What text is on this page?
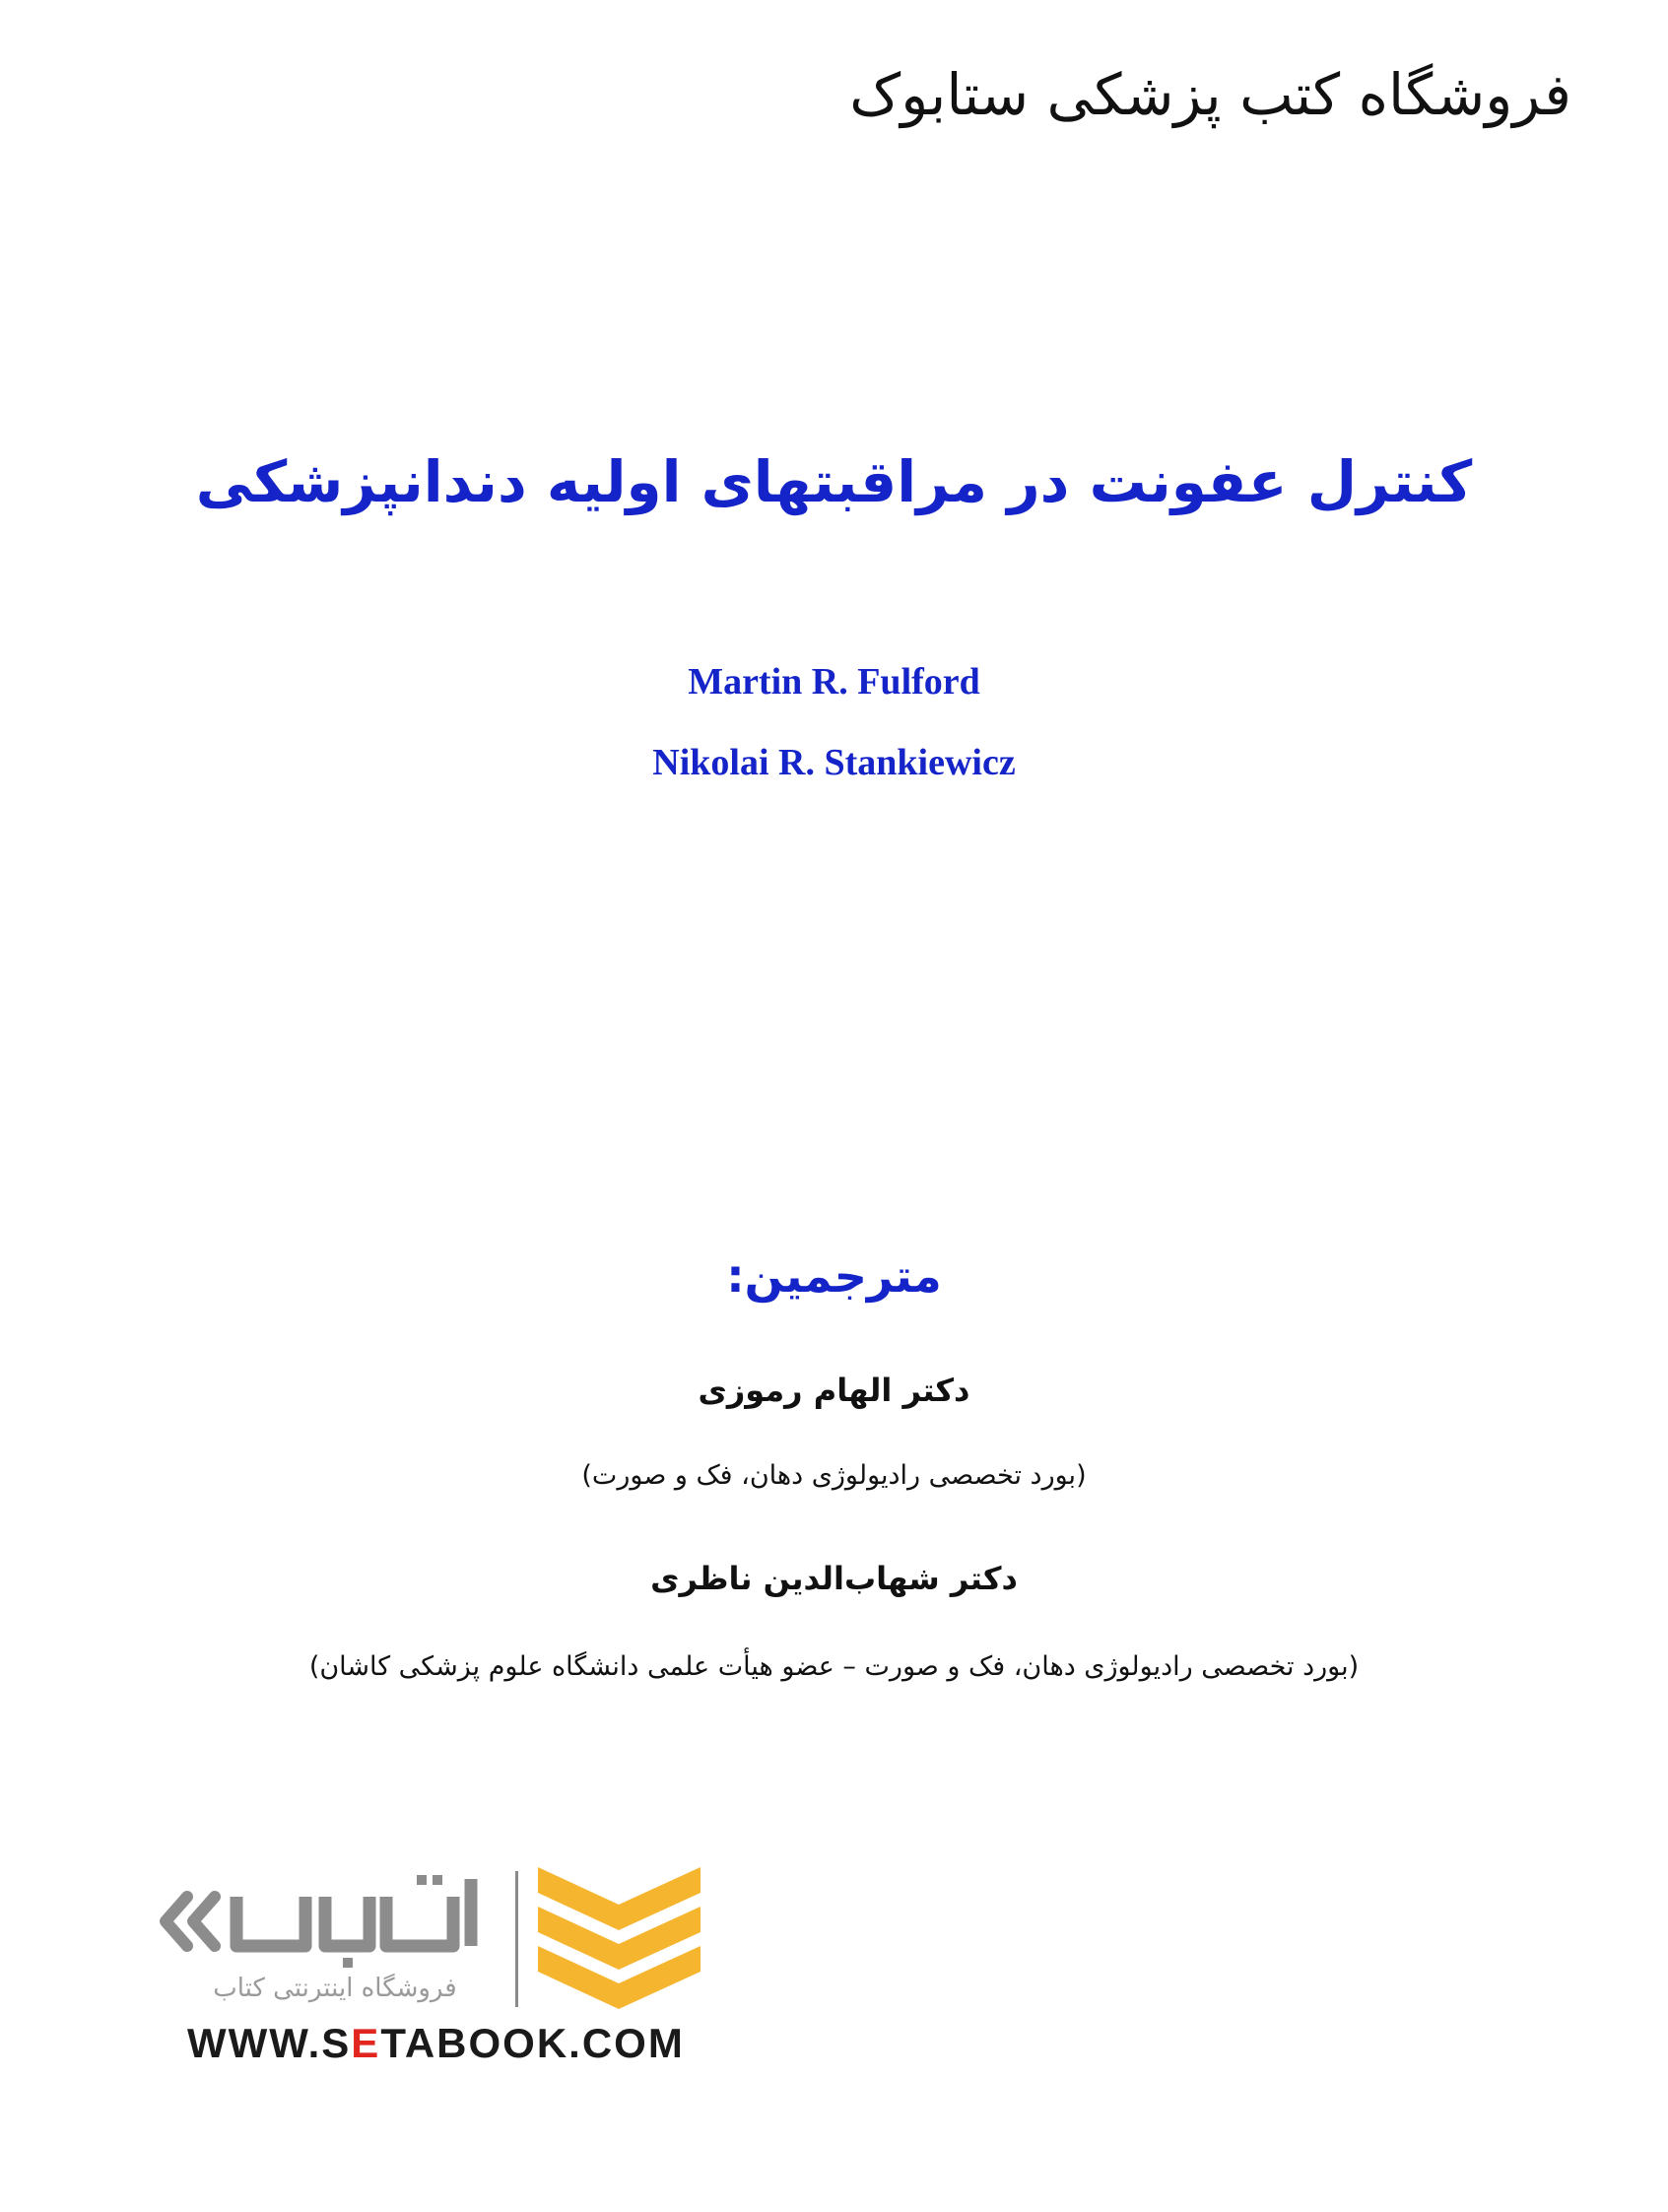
فروشگاه کتب پزشکی ستابوک
کنترل عفونت در مراقبتهای اولیه دندانپزشکی
Martin R. Fulford
Nikolai R. Stankiewicz
مترجمین:
دکتر الهام رموزی
(بورد تخصصی رادیولوژی دهان، فک و صورت)
دکتر شهاب‌الدین ناظری
(بورد تخصصی رادیولوژی دهان، فک و صورت – عضو هیأت علمی دانشگاه علوم پزشکی کاشان)
فروشگاه اینترنتی کتاب
WWW.SETABOOK.COM
